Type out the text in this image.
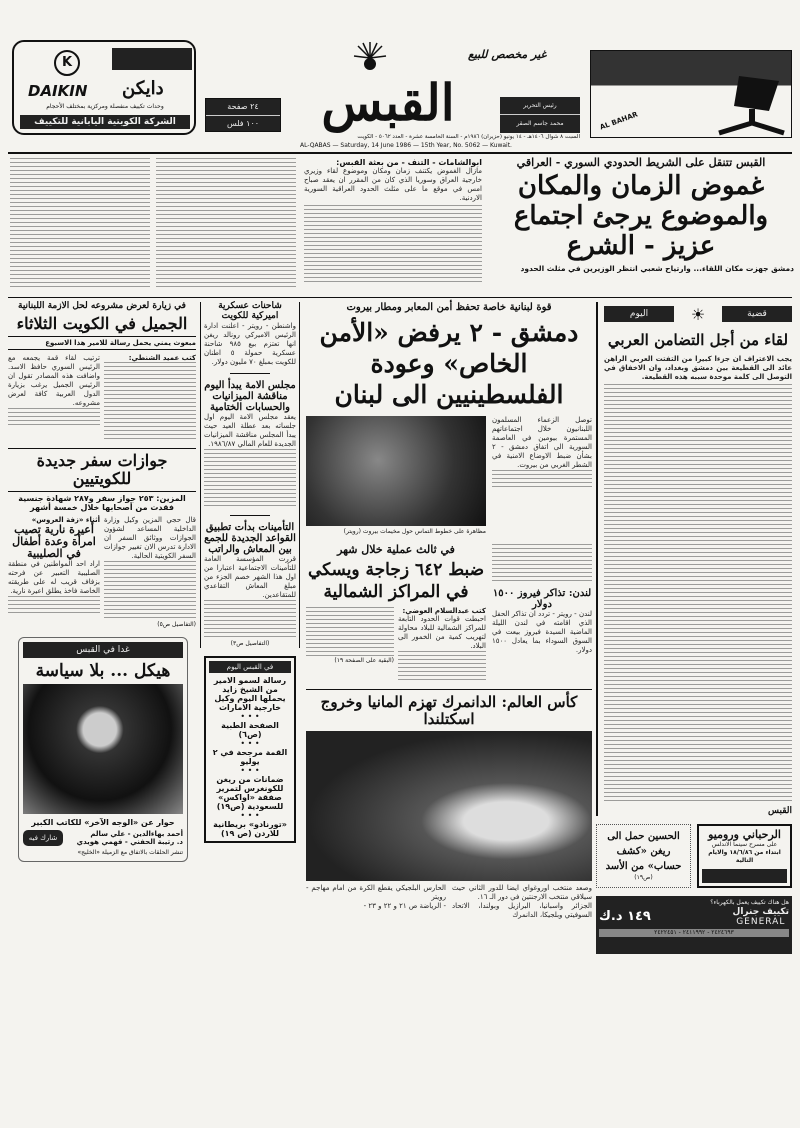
K
DAIKIN دايكن
وحدات تكييف منفصلة ومركزية بمختلف الأحجام
الشركة الكويتية اليابانية للتكييف
٢٤ صفحة
١٠٠ فلس
غير مخصص للبيع
القبس	رئيس التحرير
محمد جاسم الصقر	AL BAHAR
السبت ٨ شوال ١٤٠٦هـ - ١٤ يونيو (حزيران) ١٩٨٦م - السنة الخامسة عشرة - العدد ٥٠٦٢ - الكويت
AL-QABAS — Saturday, 14 June 1986 — 15th Year, No. 5062 — Kuwait.
القبس تتنقل على الشريط الحدودي السوري - العراقي
غموض الزمان والمكان والموضوع يرجئ اجتماع عزيز - الشرع
دمشق جهزت مكان اللقاء... وارتياح شعبي انتظر الوزيرين في مثلث الحدود
ابوالشامات - التنف - من بعثة القبس:
مازال الغموض يكتنف زمان ومكان وموضوع لقاء وزيري خارجية العراق وسوريا الذي كان من المقرر ان يعقد صباح امس في موقع ما على مثلث الحدود العراقية السورية الاردنية.
قضية
☀
اليوم
لقاء من أجل التضامن العربي
يجب الاعتراف ان جزءا كبيرا من التفتت العربي الراهن عائد الى القطيعة بين دمشق وبغداد، وان الاخفاق في التوصل الى كلمة موحدة سببه هذه القطيعة.
القبس
الرحباني وروميو
على مسرح سينما الاندلس
ابتداء من ١٨/٦/٨٦ والايام التالية
الحسين حمل الى ريغن «كشف حساب» من الأسد
(ص١٩)
هل هناك تكييف يعمل بالكهرباء؟
١٤٩ د.ك	تكييف جنرال
GENERAL
٢٤٢٤٦٩٣ - ٢٤١١٩٩٢ - ٢٤٢٢٤٥١
قوة لبنانية خاصة تحفظ أمن المعابر ومطار بيروت
دمشق - ٢ يرفض «الأمن الخاص» وعودة الفلسطينيين الى لبنان
مظاهرة على خطوط التماس حول مخيمات بيروت (رويتر)
توصل الزعماء المسلمون اللبنانيون خلال اجتماعاتهم المستمرة بيومين في العاصمة السورية الى اتفاق دمشق - ٢ بشأن ضبط الاوضاع الامنية في الشطر الغربي من بيروت.
في ثالث عملية خلال شهر
ضبط ٦٤٢ زجاجة ويسكي في المراكز الشمالية
كتب عبدالسلام العوضي:
احبطت قوات الحدود التابعة للمراكز الشمالية للبلاد محاولة لتهريب كمية من الخمور الى البلاد.
(البقية على الصفحة ١٩)
لندن: تذاكر فيروز ١٥٠٠ دولار
لندن - رويتر - تردد ان تذاكر الحفل الذي اقامته في لندن الليلة الماضية السيدة فيروز بيعت في السوق السوداء بما يعادل ١٥٠٠ دولار.
كأس العالم: الدانمرك تهزم المانيا وخروج اسكتلندا
وصعد منتخب اوروغواي ايضا للدور الثاني حيث سيلاقي منتخب الارجنتين في دور الـ ١٦.
الجزائر واسبانيا، البرازيل وبولندا، الاتحاد السوفيتي وبلجيكا، الدانمرك
الحارس البلجيكي يقطع الكرة من امام مهاجم - رويتر
- الرياضة ص ٢١ و ٢٢ و ٢٣ -
شاحنات عسكرية اميركية للكويت
واشنطن - رويتر - اعلنت ادارة الرئيس الاميركي رونالد ريغن انها تعتزم بيع ٩٨٥ شاحنة عسكرية حمولة ٥ اطنان للكويت بمبلغ ٧٠ مليون دولار.
مجلس الامة يبدأ اليوم مناقشة الميزانيات والحسابات الختامية
يعقد مجلس الامة اليوم اول جلساته بعد عطلة العيد حيث يبدأ المجلس مناقشة الميزانيات الجديدة للعام المالي ١٩٨٦/٨٧.
التأمينات بدأت تطبيق القواعد الجديدة للجمع بين المعاش والراتب
قررت المؤسسة العامة للتأمينات الاجتماعية اعتبارا من اول هذا الشهر خصم الجزء من مبلغ المعاش التقاعدي للمتقاعدين.
(التفاصيل ص٣)
في القبس اليوم
رسالة لسمو الامير من الشيخ زايد يحملها اليوم وكيل خارجية الامارات
• • •
الصفحة الطبية (ص٦)
• • •
القمة مرجحة في ٢ يوليو
• • •
ضمانات من ريغن للكونغرس لتمرير صفقة «اواكس» للسعودية (ص١٩)
• • •
«تورنادو» بريطانية للاردن (ص ١٩)
في زيارة لعرض مشروعه لحل الازمة اللبنانية
الجميل في الكويت الثلاثاء
مبعوث يمني يحمل رسالة للامير هذا الاسبوع
كتب عميد الشنطي:
ترتيب لقاء قمة يجمعه مع الرئيس السوري حافظ الاسد. واضافت هذه المصادر تقول ان الرئيس الجميل يرغب بزيارة الدول العربية كافة لعرض مشروعه.
جوازات سفر جديدة للكويتيين
المزين: ٢٥٣ جواز سفر و٢٨٧ شهادة جنسية فقدت من أصحابها خلال خمسة أشهر
قال حجي المزين وكيل وزارة الداخلية المساعد لشؤون الجوازات ووثائق السفر ان الادارة تدرس الان تغيير جوازات السفر الكويتية الحالية.
(التفاصيل ص٥)
أثناء «زفة العروس»
أعيرة نارية تصيب امرأة وعدة أطفال في الصليبية
اراد احد المواطنين في منطقة الصليبية التعبير عن فرحته بزفاف قريب له على طريقته الخاصة فاخذ يطلق اعيرة نارية.
غدا في القبس
هيكل ... بلا سياسة
حوار عن «الوجه الآخر» للكاتب الكبير
أحمد بهاءالدين - علي سالم
د. رتيبة الحفني - فهمي هويدي
شارك فيه
تنشر الحلقات بالاتفاق مع الزميلة «الخليج»
